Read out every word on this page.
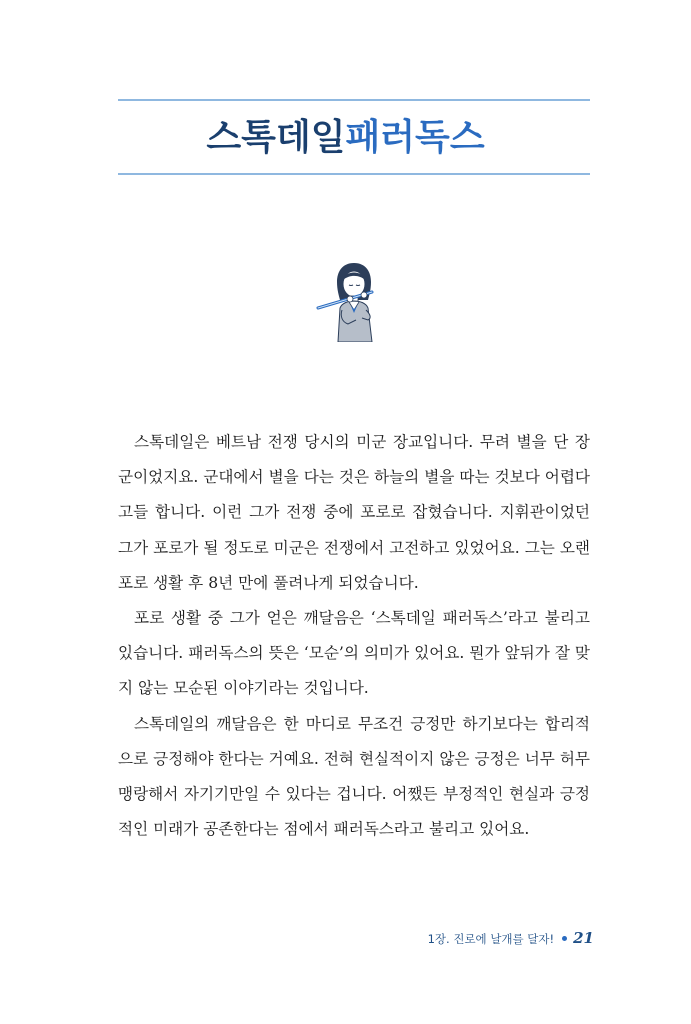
스톡데일패러독스

스톡데일은 베트남 전쟁 당시의 미군 장교입니다. 무려 별을 단 장군이었지요. 군대에서 별을 다는 것은 하늘의 별을 따는 것보다 어렵다고들 합니다. 이런 그가 전쟁 중에 포로로 잡혔습니다. 지휘관이었던 그가 포로가 될 정도로 미군은 전쟁에서 고전하고 있었어요. 그는 오랜 포로 생활 후 8년 만에 풀려나게 되었습니다.

포로 생활 중 그가 얻은 깨달음은 ‘스톡데일 패러독스’라고 불리고 있습니다. 패러독스의 뜻은 ‘모순’의 의미가 있어요. 뭔가 앞뒤가 잘 맞지 않는 모순된 이야기라는 것입니다.

스톡데일의 깨달음은 한 마디로 무조건 긍정만 하기보다는 합리적으로 긍정해야 한다는 거예요. 전혀 현실적이지 않은 긍정은 너무 허무맹랑해서 자기기만일 수 있다는 겁니다. 어쨌든 부정적인 현실과 긍정적인 미래가 공존한다는 점에서 패러독스라고 불리고 있어요.

1장. 진로에 날개를 달자! 21
